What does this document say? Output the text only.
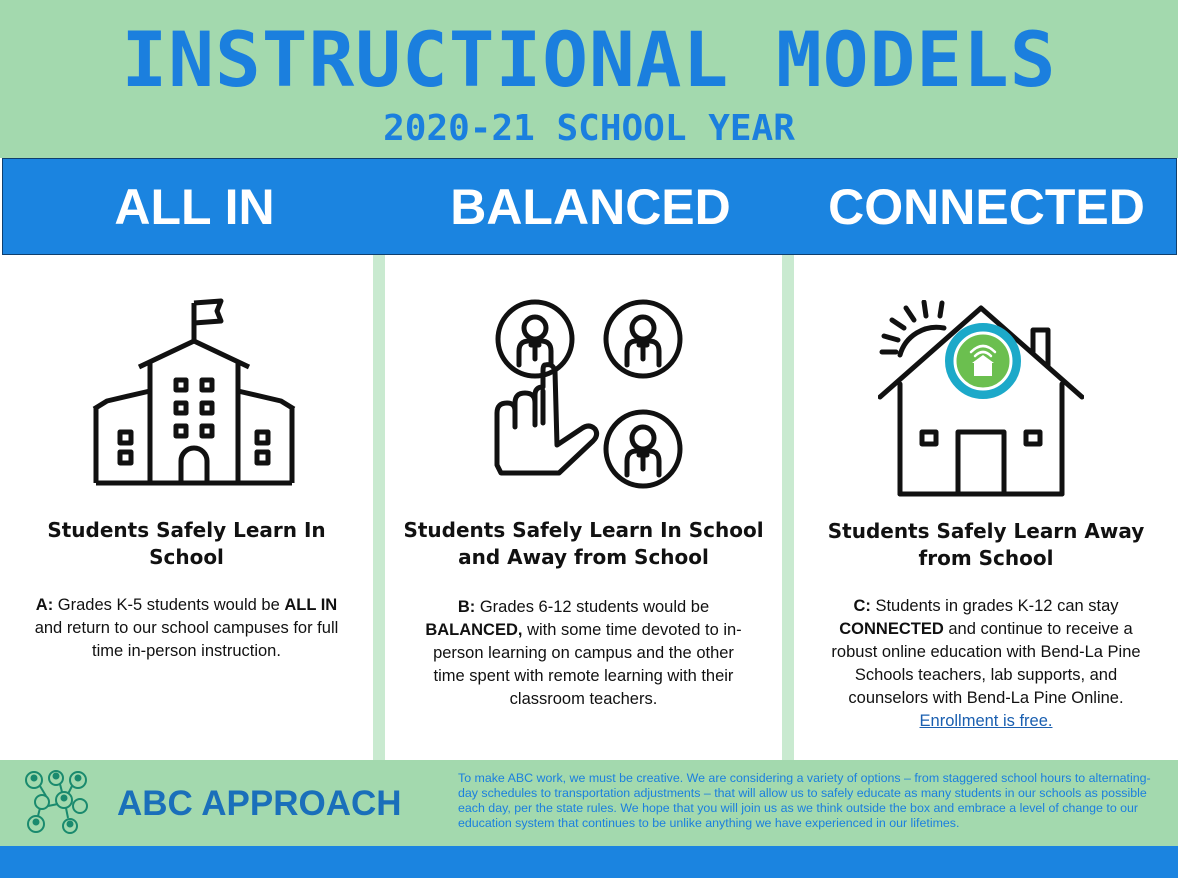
INSTRUCTIONAL MODELS
2020-21 SCHOOL YEAR
ALL IN	BALANCED	CONNECTED
Students Safely Learn In School
A: Grades K-5 students would be ALL IN and return to our school campuses for full time in-person instruction.
Students Safely Learn In School and Away from School
B: Grades 6-12 students would be BALANCED, with some time devoted to in-person learning on campus and the other time spent with remote learning with their classroom teachers.
Students Safely Learn Away from School
C: Students in grades K-12 can stay CONNECTED and continue to receive a robust online education with Bend-La Pine Schools teachers, lab supports, and counselors with Bend-La Pine Online. Enrollment is free.
ABC APPROACH
To make ABC work, we must be creative. We are considering a variety of options – from staggered school hours to alternating-day schedules to transportation adjustments – that will allow us to safely educate as many students in our schools as possible each day, per the state rules. We hope that you will join us as we think outside the box and embrace a level of change to our education system that continues to be unlike anything we have experienced in our lifetimes.
